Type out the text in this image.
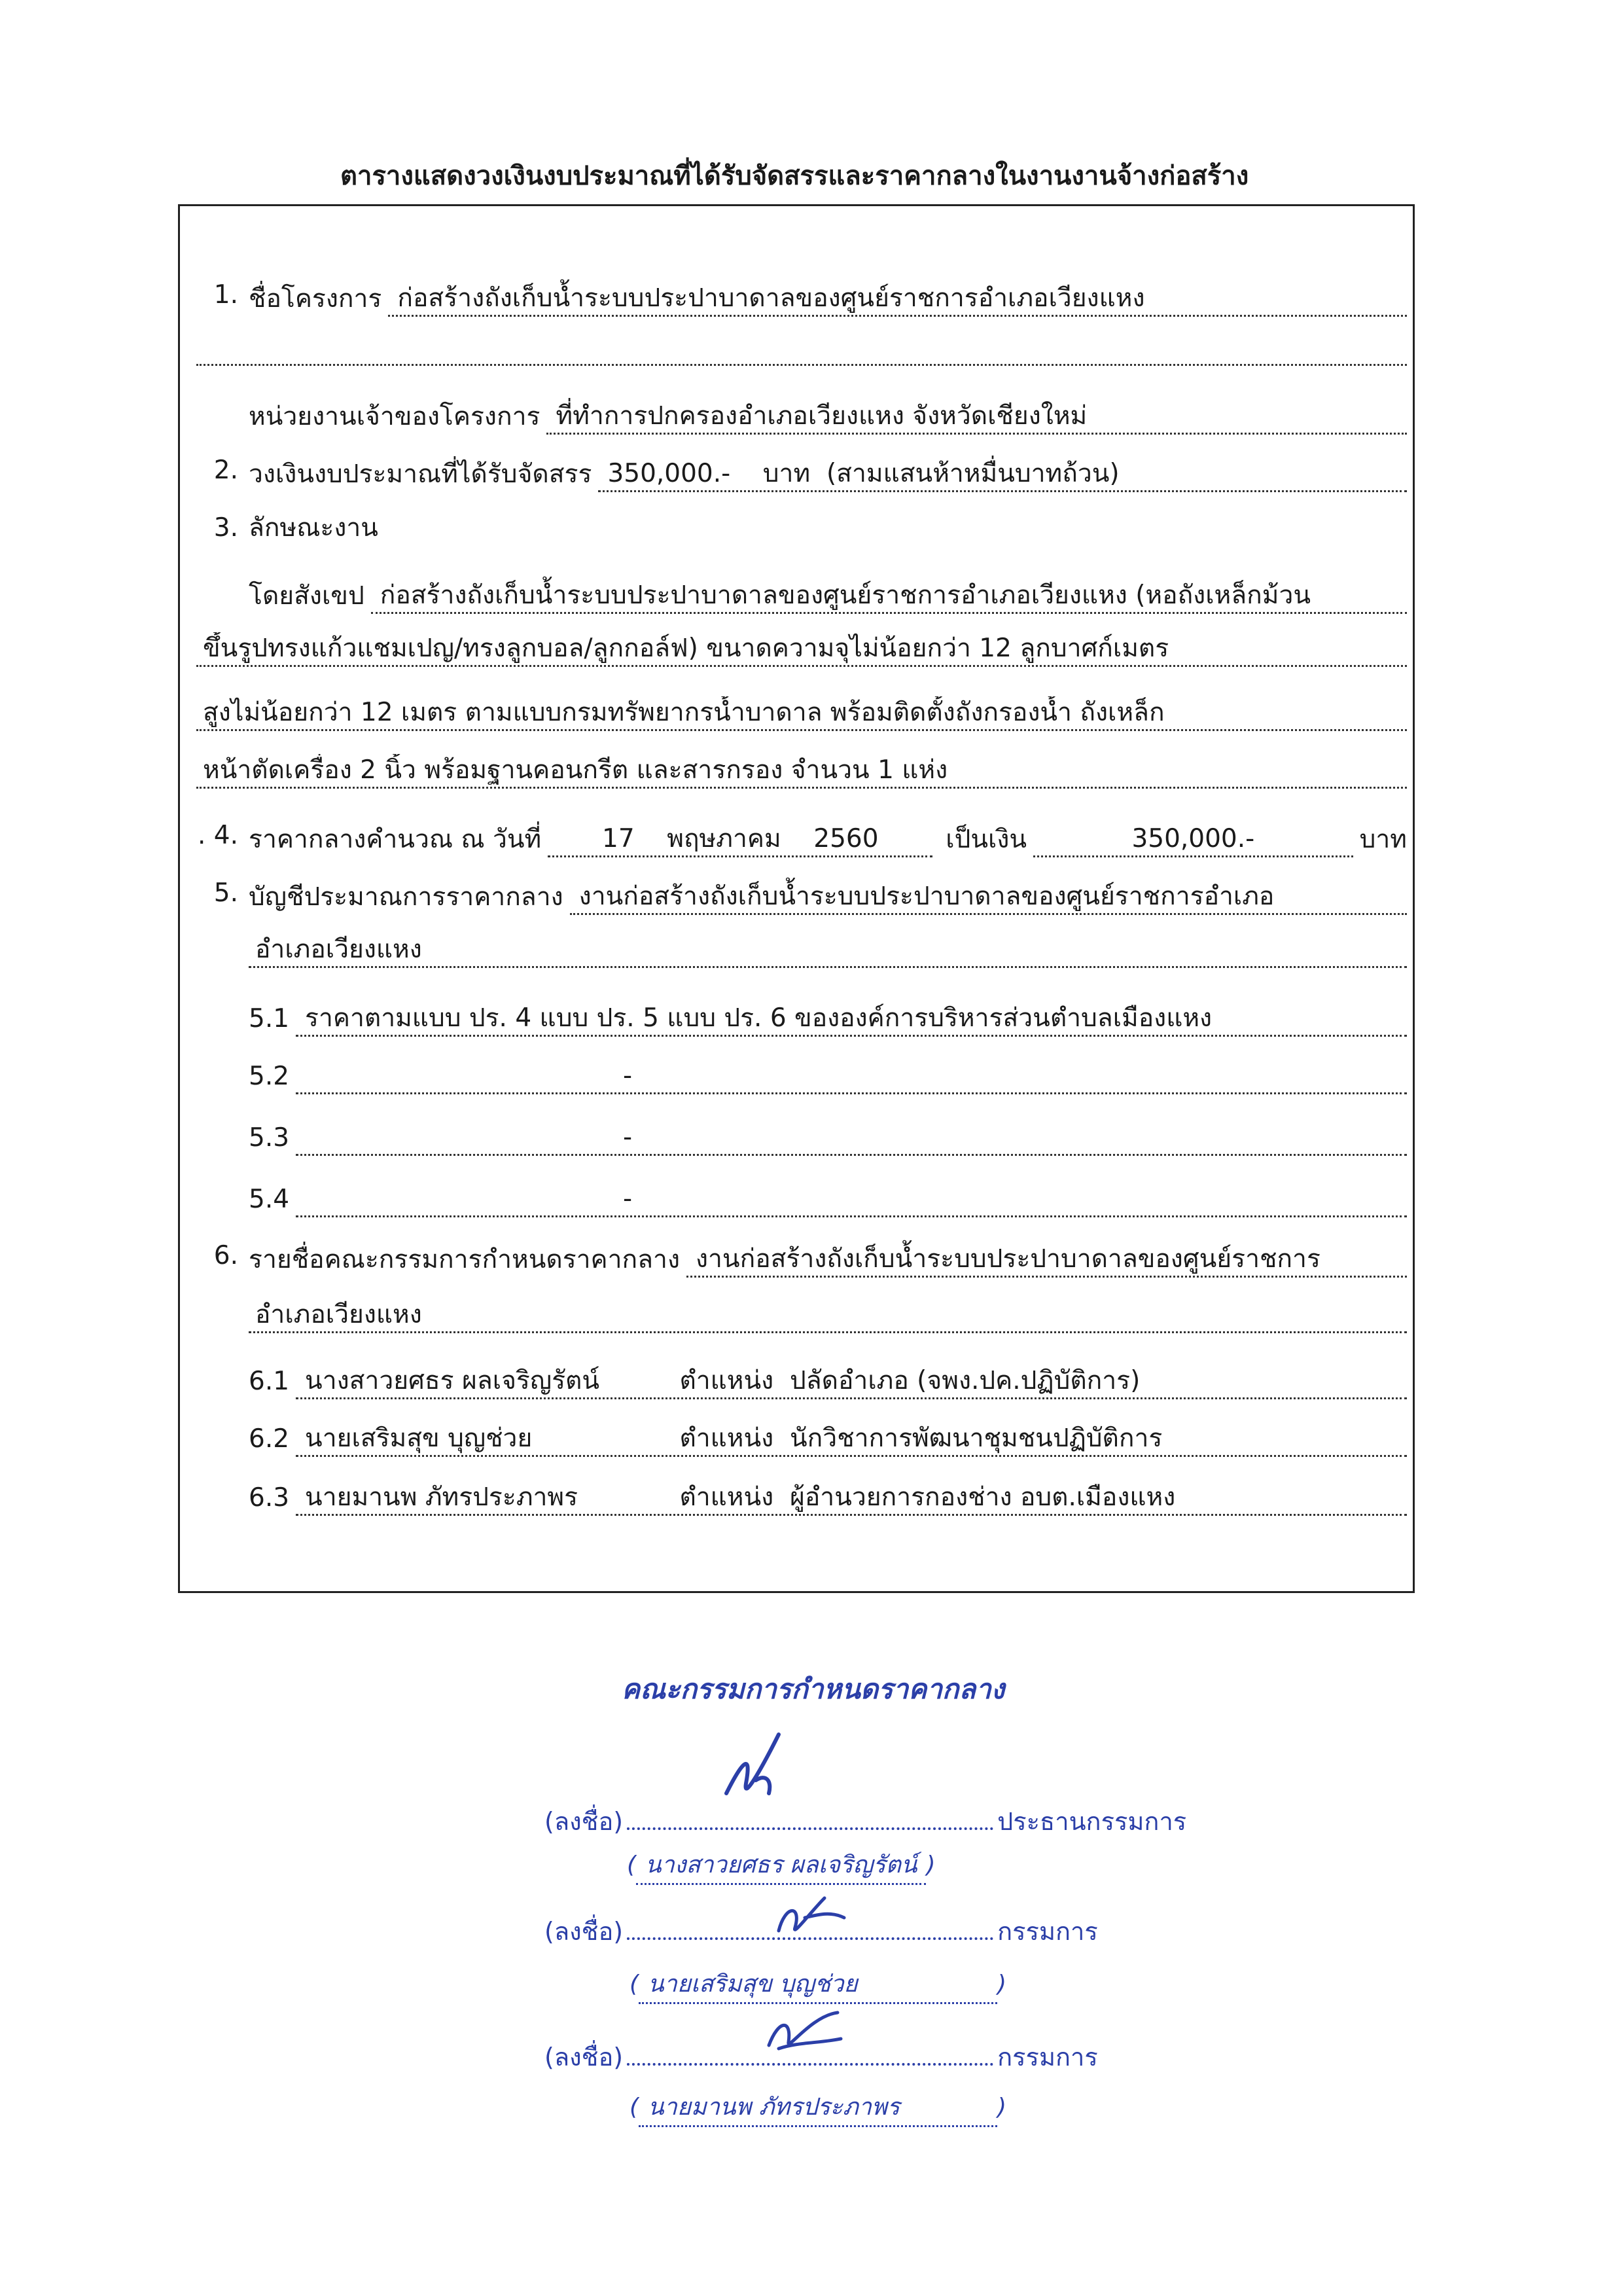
ตารางแสดงวงเงินงบประมาณที่ได้รับจัดสรรและราคากลางในงานงานจ้างก่อสร้าง
1. ชื่อโครงการ ก่อสร้างถังเก็บน้ำระบบประปาบาดาลของศูนย์ราชการอำเภอเวียงแหง
หน่วยงานเจ้าของโครงการ ที่ทำการปกครองอำเภอเวียงแหง จังหวัดเชียงใหม่
2. วงเงินงบประมาณที่ได้รับจัดสรร 350,000.- บาท (สามแสนห้าหมื่นบาทถ้วน)
3. ลักษณะงาน
โดยสังเขป ก่อสร้างถังเก็บน้ำระบบประปาบาดาลของศูนย์ราชการอำเภอเวียงแหง (หอถังเหล็กม้วน
ขึ้นรูปทรงแก้วแชมเปญ/ทรงลูกบอล/ลูกกอล์ฟ) ขนาดความจุไม่น้อยกว่า 12 ลูกบาศก์เมตร
สูงไม่น้อยกว่า 12 เมตร ตามแบบกรมทรัพยากรน้ำบาดาล พร้อมติดตั้งถังกรองน้ำ ถังเหล็ก
หน้าตัดเครื่อง 2 นิ้ว พร้อมฐานคอนกรีต และสารกรอง จำนวน 1 แห่ง
. 4. ราคากลางคำนวณ ณ วันที่	17 พฤษภาคม 2560	เป็นเงิน	350,000.-	บาท
5. บัญชีประมาณการราคากลาง งานก่อสร้างถังเก็บน้ำระบบประปาบาดาลของศูนย์ราชการอำเภอ
อำเภอเวียงแหง
5.1 ราคาตามแบบ ปร. 4 แบบ ปร. 5 แบบ ปร. 6 ขององค์การบริหารส่วนตำบลเมืองแหง
5.2	-
5.3	-
5.4	-
6. รายชื่อคณะกรรมการกำหนดราคากลาง งานก่อสร้างถังเก็บน้ำระบบประปาบาดาลของศูนย์ราชการ
อำเภอเวียงแหง
6.1 นางสาวยศธร ผลเจริญรัตน์	ตำแหน่ง ปลัดอำเภอ (จพง.ปค.ปฏิบัติการ)
6.2 นายเสริมสุข บุญช่วย	ตำแหน่ง นักวิชาการพัฒนาชุมชนปฏิบัติการ
6.3 นายมานพ ภัทรประภาพร	ตำแหน่ง ผู้อำนวยการกองช่าง อบต.เมืองแหง
คณะกรรมการกำหนดราคากลาง
(ลงชื่อ)	ประธานกรรมการ
( นางสาวยศธร ผลเจริญรัตน์ )
(ลงชื่อ)	กรรมการ
( นายเสริมสุข บุญช่วย	)
(ลงชื่อ)	กรรมการ
( นายมานพ ภัทรประภาพร	)
